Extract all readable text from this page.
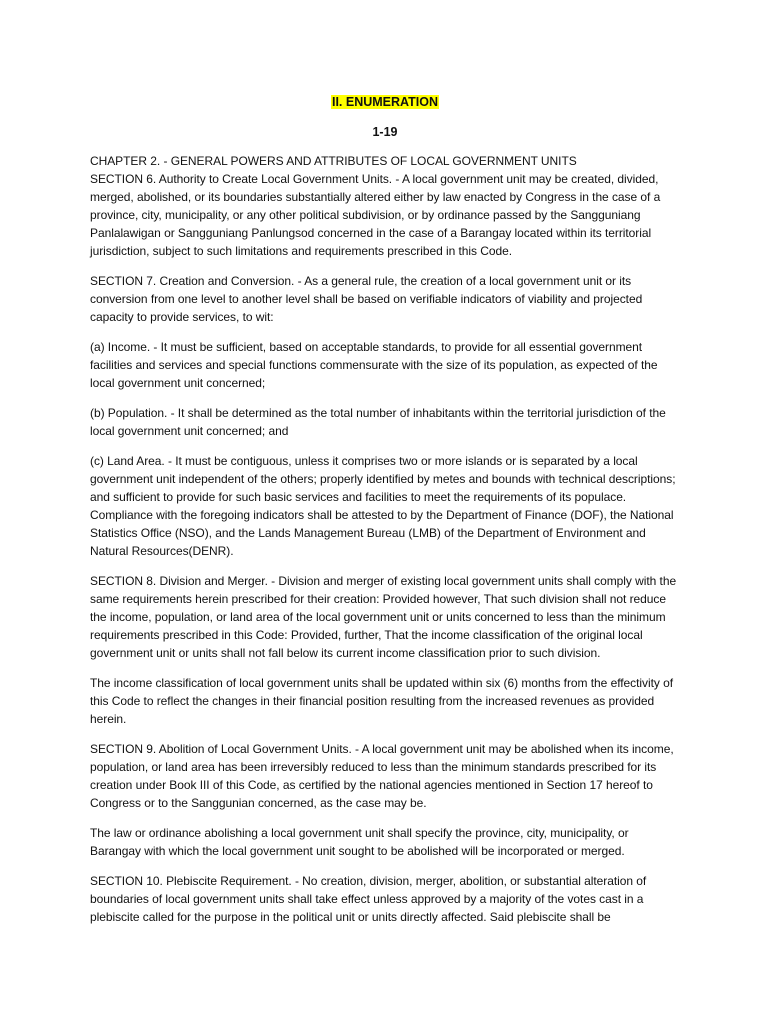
II. ENUMERATION

1-19

CHAPTER 2. - GENERAL POWERS AND ATTRIBUTES OF LOCAL GOVERNMENT UNITS

SECTION 6. Authority to Create Local Government Units. - A local government unit may be created, divided, merged, abolished, or its boundaries substantially altered either by law enacted by Congress in the case of a province, city, municipality, or any other political subdivision, or by ordinance passed by the Sangguniang Panlalawigan or Sangguniang Panlungsod concerned in the case of a Barangay located within its territorial jurisdiction, subject to such limitations and requirements prescribed in this Code.

SECTION 7. Creation and Conversion. - As a general rule, the creation of a local government unit or its conversion from one level to another level shall be based on verifiable indicators of viability and projected capacity to provide services, to wit:

(a) Income. - It must be sufficient, based on acceptable standards, to provide for all essential government facilities and services and special functions commensurate with the size of its population, as expected of the local government unit concerned;

(b) Population. - It shall be determined as the total number of inhabitants within the territorial jurisdiction of the local government unit concerned; and

(c) Land Area. - It must be contiguous, unless it comprises two or more islands or is separated by a local government unit independent of the others; properly identified by metes and bounds with technical descriptions; and sufficient to provide for such basic services and facilities to meet the requirements of its populace. Compliance with the foregoing indicators shall be attested to by the Department of Finance (DOF), the National Statistics Office (NSO), and the Lands Management Bureau (LMB) of the Department of Environment and Natural Resources(DENR).

SECTION 8. Division and Merger. - Division and merger of existing local government units shall comply with the same requirements herein prescribed for their creation: Provided however, That such division shall not reduce the income, population, or land area of the local government unit or units concerned to less than the minimum requirements prescribed in this Code: Provided, further, That the income classification of the original local government unit or units shall not fall below its current income classification prior to such division.

The income classification of local government units shall be updated within six (6) months from the effectivity of this Code to reflect the changes in their financial position resulting from the increased revenues as provided herein.

SECTION 9. Abolition of Local Government Units. - A local government unit may be abolished when its income, population, or land area has been irreversibly reduced to less than the minimum standards prescribed for its creation under Book III of this Code, as certified by the national agencies mentioned in Section 17 hereof to Congress or to the Sanggunian concerned, as the case may be.

The law or ordinance abolishing a local government unit shall specify the province, city, municipality, or Barangay with which the local government unit sought to be abolished will be incorporated or merged.

SECTION 10. Plebiscite Requirement. - No creation, division, merger, abolition, or substantial alteration of boundaries of local government units shall take effect unless approved by a majority of the votes cast in a plebiscite called for the purpose in the political unit or units directly affected. Said plebiscite shall be
